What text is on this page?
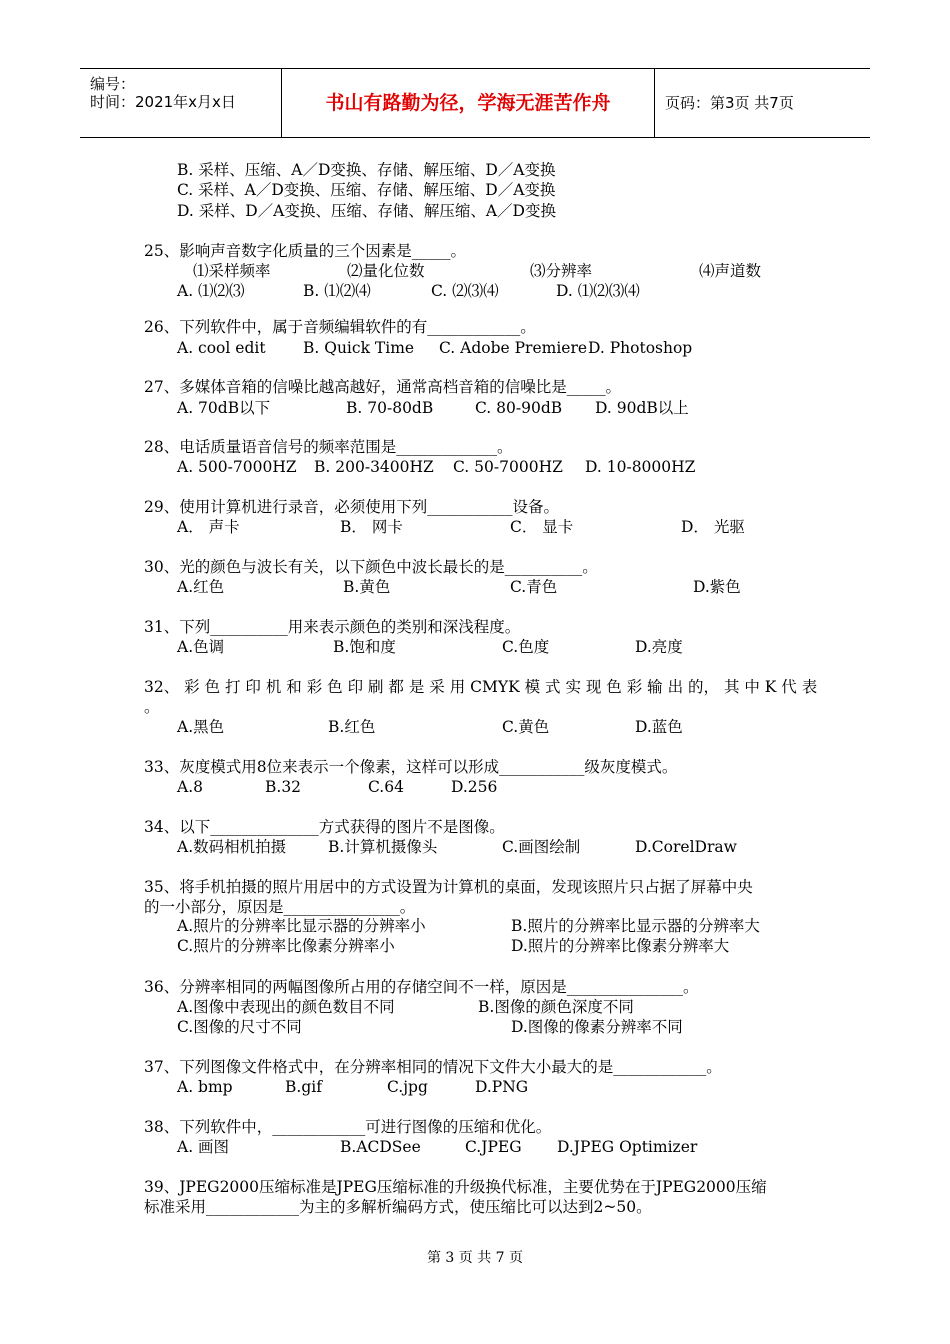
编号：
时间：2021年x月x日	书山有路勤为径，学海无涯苦作舟	页码：第3页 共7页
B. 采样、压缩、A／D变换、存储、解压缩、D／A变换
C. 采样、A／D变换、压缩、存储、解压缩、D／A变换
D. 采样、D／A变换、压缩、存储、解压缩、A／D变换
25、影响声音数字化质量的三个因素是_____。
⑴采样频率	⑵量化位数	⑶分辨率	⑷声道数
A. ⑴⑵⑶	B. ⑴⑵⑷	C. ⑵⑶⑷	D. ⑴⑵⑶⑷
26、下列软件中，属于音频编辑软件的有____________。
A. cool edit B. Quick Time C. Adobe Premiere D. Photoshop
27、多媒体音箱的信噪比越高越好，通常高档音箱的信噪比是_____。
A. 70dB以下	B. 70-80dB	C. 80-90dB D. 90dB以上
28、电话质量语音信号的频率范围是_____________。
A. 500-7000HZ B. 200-3400HZ C. 50-7000HZ D. 10-8000HZ
29、使用计算机进行录音，必须使用下列___________设备。
A． 声卡	B． 网卡	C． 显卡	D． 光驱
30、光的颜色与波长有关，以下颜色中波长最长的是__________。
A.红色	B.黄色	C.青色	D.紫色
31、下列__________用来表示颜色的类别和深浅程度。
A.色调	B.饱和度	C.色度	D.亮度
32、 彩 色 打 印 机 和 彩 色 印 刷 都 是 采 用 CMYK 模 式 实 现 色 彩 输 出 的， 其 中 K 代 表
。
A.黑色	B.红色	C.黄色	D.蓝色
33、灰度模式用8位来表示一个像素，这样可以形成___________级灰度模式。
A.8	B.32	C.64	D.256
34、以下______________方式获得的图片不是图像。
A.数码相机拍摄	B.计算机摄像头	C.画图绘制	D.CorelDraw
35、将手机拍摄的照片用居中的方式设置为计算机的桌面，发现该照片只占据了屏幕中央
的一小部分，原因是_______________。
A.照片的分辨率比显示器的分辨率小	B.照片的分辨率比显示器的分辨率大
C.照片的分辨率比像素分辨率小	D.照片的分辨率比像素分辨率大
36、分辨率相同的两幅图像所占用的存储空间不一样，原因是_______________。
A.图像中表现出的颜色数目不同	B.图像的颜色深度不同
C.图像的尺寸不同	D.图像的像素分辨率不同
37、下列图像文件格式中，在分辨率相同的情况下文件大小最大的是____________。
A. bmp	B.gif	C.jpg	D.PNG
38、下列软件中，____________可进行图像的压缩和优化。
A. 画图	B.ACDSee	C.JPEG D.JPEG Optimizer
39、JPEG2000压缩标准是JPEG压缩标准的升级换代标准，主要优势在于JPEG2000压缩
标准采用____________为主的多解析编码方式，使压缩比可以达到2~50。
第 3 页 共 7 页
